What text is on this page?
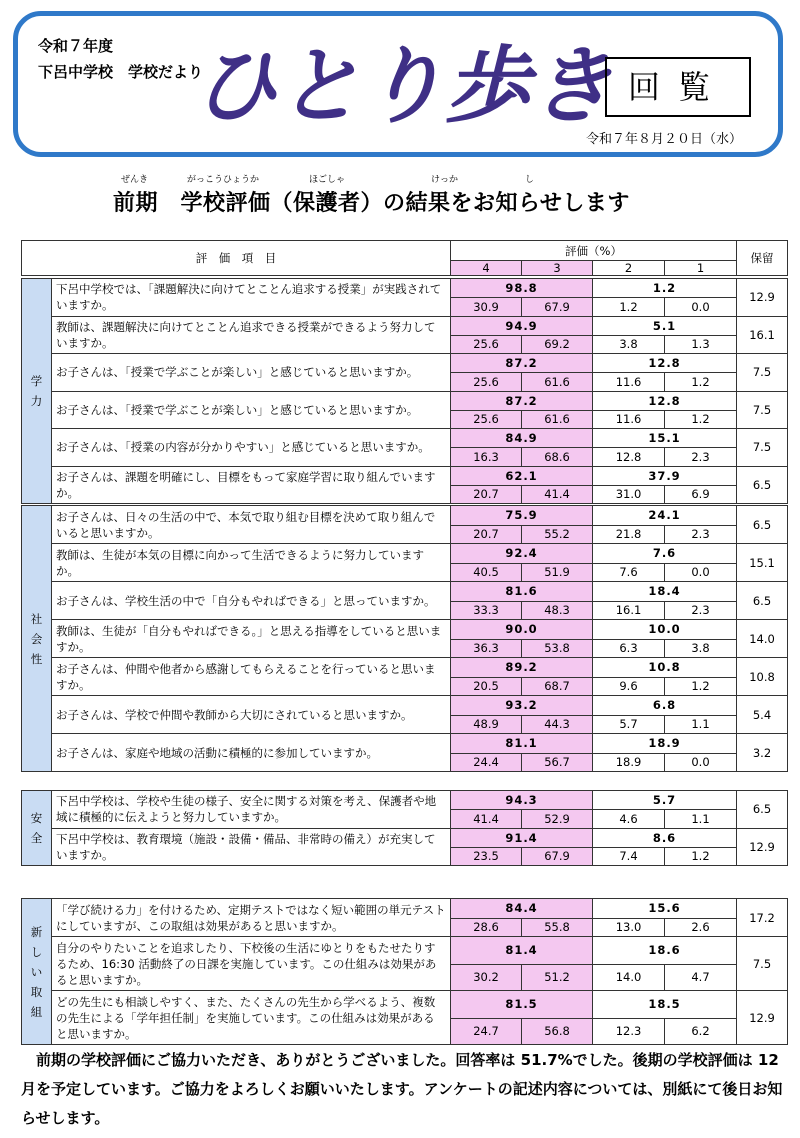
令和７年度
下呂中学校　学校だより
ひとり歩き 回覧
令和７年８月２０日（水）
ぜんき	がっこうひょうか	ほごしゃ	けっか	し
前期　学校評価（保護者）の結果をお知らせします
評　価　項　目	評価（%）				保留
	4	3	2	1	
学力	下呂中学校では、「課題解決に向けてとことん追求する授業」が実践されていますか。	98.8		1.2		12.9
		30.9	67.9	1.2	0.0	
	教師は、課題解決に向けてとことん追求できる授業ができるよう努力していますか。	94.9		5.1		16.1
		25.6	69.2	3.8	1.3	
	お子さんは、「授業で学ぶことが楽しい」と感じていると思いますか。	87.2		12.8		7.5
		25.6	61.6	11.6	1.2	
	お子さんは、「授業で学ぶことが楽しい」と感じていると思いますか。	87.2		12.8		7.5
		25.6	61.6	11.6	1.2	
	お子さんは、「授業の内容が分かりやすい」と感じていると思いますか。	84.9		15.1		7.5
		16.3	68.6	12.8	2.3	
	お子さんは、課題を明確にし、目標をもって家庭学習に取り組んでいますか。	62.1		37.9		6.5
		20.7	41.4	31.0	6.9	
社会性	お子さんは、日々の生活の中で、本気で取り組む目標を決めて取り組んでいると思いますか。	75.9		24.1		6.5
		20.7	55.2	21.8	2.3	
	教師は、生徒が本気の目標に向かって生活できるように努力していますか。	92.4		7.6		15.1
		40.5	51.9	7.6	0.0	
	お子さんは、学校生活の中で「自分もやればできる」と思っていますか。	81.6		18.4		6.5
		33.3	48.3	16.1	2.3	
	教師は、生徒が「自分もやればできる。」と思える指導をしていると思いますか。	90.0		10.0		14.0
		36.3	53.8	6.3	3.8	
	お子さんは、仲間や他者から感謝してもらえることを行っていると思いますか。	89.2		10.8		10.8
		20.5	68.7	9.6	1.2	
	お子さんは、学校で仲間や教師から大切にされていると思いますか。	93.2		6.8		5.4
		48.9	44.3	5.7	1.1	
	お子さんは、家庭や地域の活動に積極的に参加していますか。	81.1		18.9		3.2
		24.4	56.7	18.9	0.0	
安全	下呂中学校は、学校や生徒の様子、安全に関する対策を考え、保護者や地域に積極的に伝えようと努力していますか。	94.3		5.7		6.5
		41.4	52.9	4.6	1.1	
	下呂中学校は、教育環境（施設・設備・備品、非常時の備え）が充実していますか。	91.4		8.6		12.9
		23.5	67.9	7.4	1.2	
新しい取組	「学び続ける力」を付けるため、定期テストではなく短い範囲の単元テストにしていますが、この取組は効果があると思いますか。	84.4		15.6		17.2
		28.6	55.8	13.0	2.6	
	自分のやりたいことを追求したり、下校後の生活にゆとりをもたせたりするため、16:30 活動終了の日課を実施しています。この仕組みは効果があると思いますか。	81.4		18.6		7.5
		30.2	51.2	14.0	4.7	
	どの先生にも相談しやすく、また、たくさんの先生から学べるよう、複数の先生による「学年担任制」を実施しています。この仕組みは効果があると思いますか。	81.5		18.5		12.9
		24.7	56.8	12.3	6.2	
前期の学校評価にご協力いただき、ありがとうございました。回答率は 51.7%でした。後期の学校評価は 12 月を予定しています。ご協力をよろしくお願いいたします。アンケートの記述内容については、別紙にて後日お知らせします。
